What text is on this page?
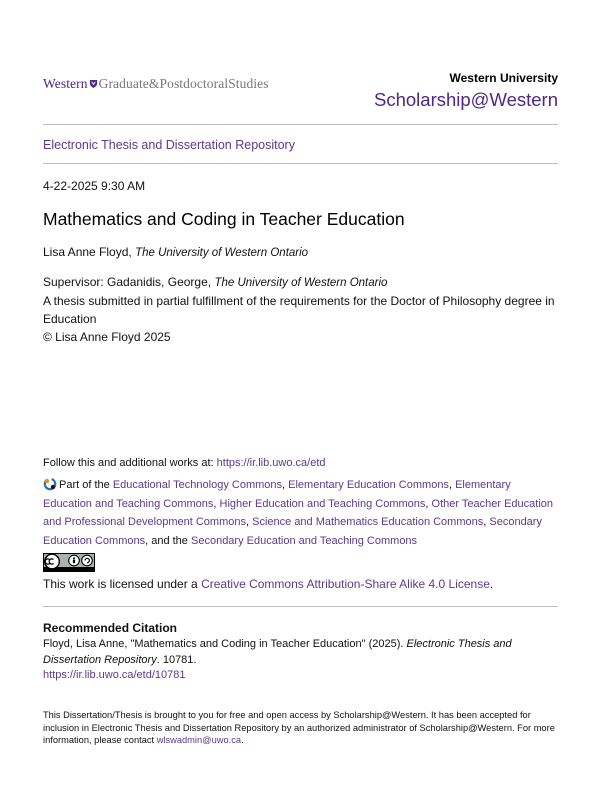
Western Graduate&PostdoctoralStudies	Western University
Scholarship@Western
Electronic Thesis and Dissertation Repository
4-22-2025 9:30 AM
Mathematics and Coding in Teacher Education
Lisa Anne Floyd, The University of Western Ontario
Supervisor: Gadanidis, George, The University of Western Ontario
A thesis submitted in partial fulfillment of the requirements for the Doctor of Philosophy degree in Education
© Lisa Anne Floyd 2025
Follow this and additional works at: https://ir.lib.uwo.ca/etd
Part of the Educational Technology Commons, Elementary Education Commons, Elementary Education and Teaching Commons, Higher Education and Teaching Commons, Other Teacher Education and Professional Development Commons, Science and Mathematics Education Commons, Secondary Education Commons, and the Secondary Education and Teaching Commons
This work is licensed under a Creative Commons Attribution-Share Alike 4.0 License.
Recommended Citation
Floyd, Lisa Anne, "Mathematics and Coding in Teacher Education" (2025). Electronic Thesis and Dissertation Repository. 10781.
https://ir.lib.uwo.ca/etd/10781
This Dissertation/Thesis is brought to you for free and open access by Scholarship@Western. It has been accepted for inclusion in Electronic Thesis and Dissertation Repository by an authorized administrator of Scholarship@Western. For more information, please contact wlswadmin@uwo.ca.
